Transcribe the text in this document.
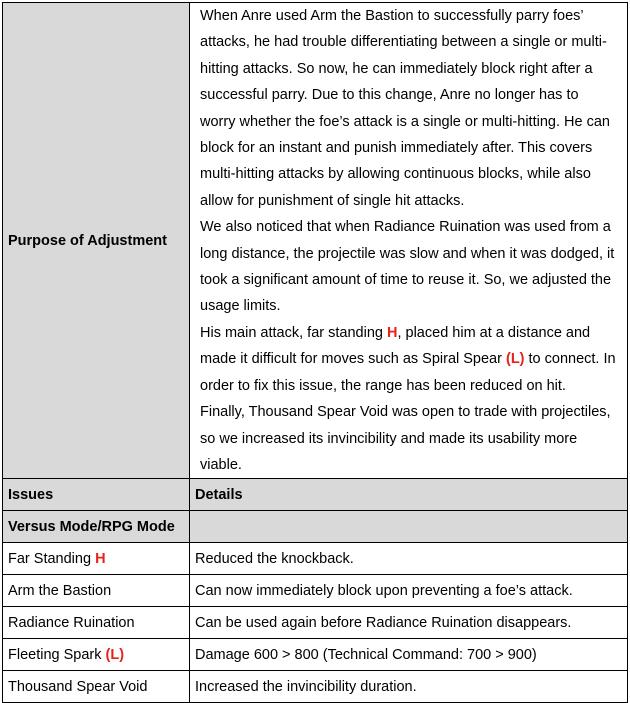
Purpose of Adjustment	When Anre used Arm the Bastion to successfully parry foes’ attacks, he had trouble differentiating between a single or multi-hitting attacks. So now, he can immediately block right after a successful parry. Due to this change, Anre no longer has to worry whether the foe’s attack is a single or multi-hitting. He can block for an instant and punish immediately after. This covers multi-hitting attacks by allowing continuous blocks, while also allow for punishment of single hit attacks.
We also noticed that when Radiance Ruination was used from a long distance, the projectile was slow and when it was dodged, it took a significant amount of time to reuse it. So, we adjusted the usage limits.
His main attack, far standing H, placed him at a distance and made it difficult for moves such as Spiral Spear (L) to connect. In order to fix this issue, the range has been reduced on hit.
Finally, Thousand Spear Void was open to trade with projectiles, so we increased its invincibility and made its usability more viable.

Issues	Details
Versus Mode/RPG Mode	
Far Standing H	Reduced the knockback.
Arm the Bastion	Can now immediately block upon preventing a foe’s attack.
Radiance Ruination	Can be used again before Radiance Ruination disappears.
Fleeting Spark (L)	Damage 600 > 800 (Technical Command: 700 > 900)
Thousand Spear Void	Increased the invincibility duration.
